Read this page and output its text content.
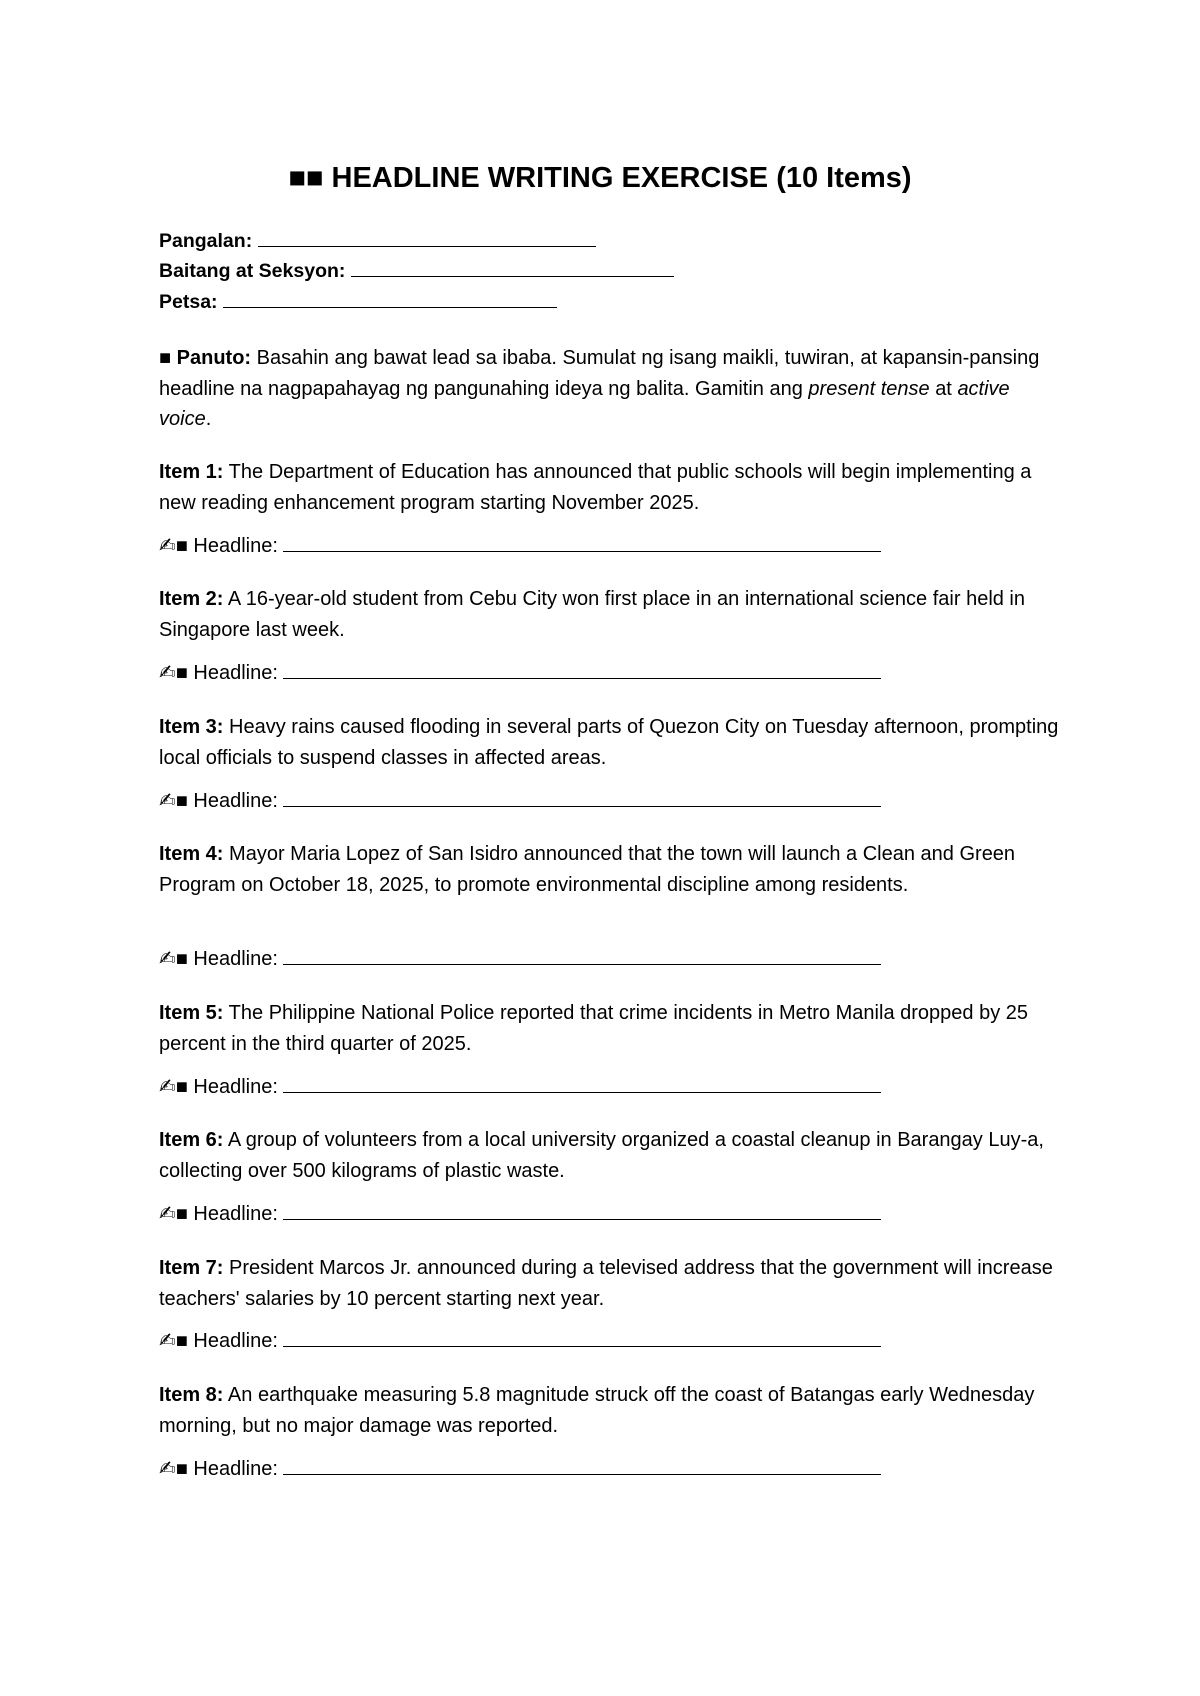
■■ HEADLINE WRITING EXERCISE (10 Items)
Pangalan:
Baitang at Seksyon:
Petsa:
■ Panuto: Basahin ang bawat lead sa ibaba. Sumulat ng isang maikli, tuwiran, at kapansin-pansing headline na nagpapahayag ng pangunahing ideya ng balita. Gamitin ang present tense at active voice.
Item 1: The Department of Education has announced that public schools will begin implementing a new reading enhancement program starting November 2025.
✍■ Headline:
Item 2: A 16-year-old student from Cebu City won first place in an international science fair held in Singapore last week.
✍■ Headline:
Item 3: Heavy rains caused flooding in several parts of Quezon City on Tuesday afternoon, prompting local officials to suspend classes in affected areas.
✍■ Headline:
Item 4: Mayor Maria Lopez of San Isidro announced that the town will launch a Clean and Green Program on October 18, 2025, to promote environmental discipline among residents.
✍■ Headline:
Item 5: The Philippine National Police reported that crime incidents in Metro Manila dropped by 25 percent in the third quarter of 2025.
✍■ Headline:
Item 6: A group of volunteers from a local university organized a coastal cleanup in Barangay Luy-a, collecting over 500 kilograms of plastic waste.
✍■ Headline:
Item 7: President Marcos Jr. announced during a televised address that the government will increase teachers' salaries by 10 percent starting next year.
✍■ Headline:
Item 8: An earthquake measuring 5.8 magnitude struck off the coast of Batangas early Wednesday morning, but no major damage was reported.
✍■ Headline:
